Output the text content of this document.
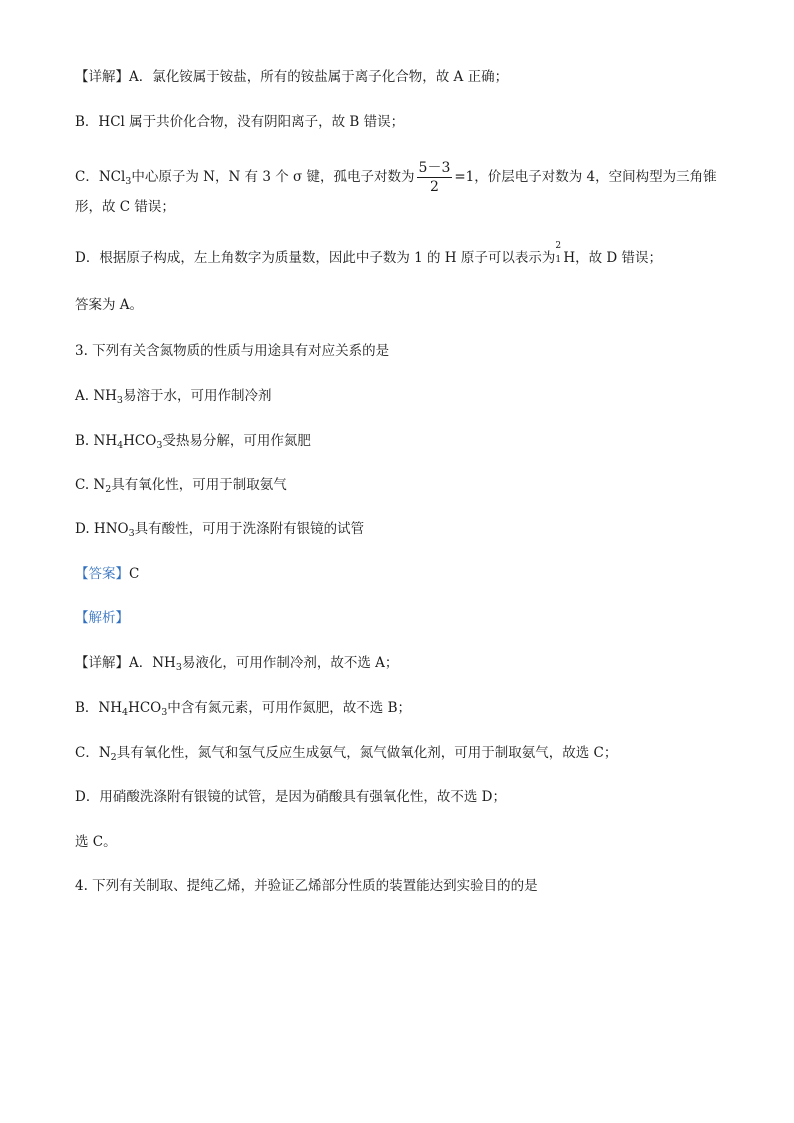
【详解】A．氯化铵属于铵盐，所有的铵盐属于离子化合物，故 A 正确；
B．HCl 属于共价化合物，没有阴阳离子，故 B 错误；
C．NCl$_3$中心原子为 N，N 有 3 个 σ 键，孤电子对数为 $\frac{5-3}{2} =1$，价层电子对数为 4，空间构型为三角锥
形，故 C 错误；
D．根据原子构成，左上角数字为质量数，因此中子数为 1 的 H 原子可以表示为
2
1 H，故 D 错误；
答案为 A。
3. 下列有关含氮物质的性质与用途具有对应关系的是
A. $NH_3$易溶于水，可用作制冷剂
B. $NH_4HCO_3$受热易分解，可用作氮肥
C. $N_2$具有氧化性，可用于制取氨气
D. $HNO_3$具有酸性，可用于洗涤附有银镜的试管
【答案】C
【解析】
【详解】A．$NH_3$易液化，可用作制冷剂，故不选 A；
B．$NH_4HCO_3$中含有氮元素，可用作氮肥，故不选 B；
C．$N_2$具有氧化性，氮气和氢气反应生成氨气，氮气做氧化剂，可用于制取氨气，故选 C；
D．用硝酸洗涤附有银镜的试管，是因为硝酸具有强氧化性，故不选 D；
选 C。
4. 下列有关制取、提纯乙烯，并验证乙烯部分性质的装置能达到实验目的的是
